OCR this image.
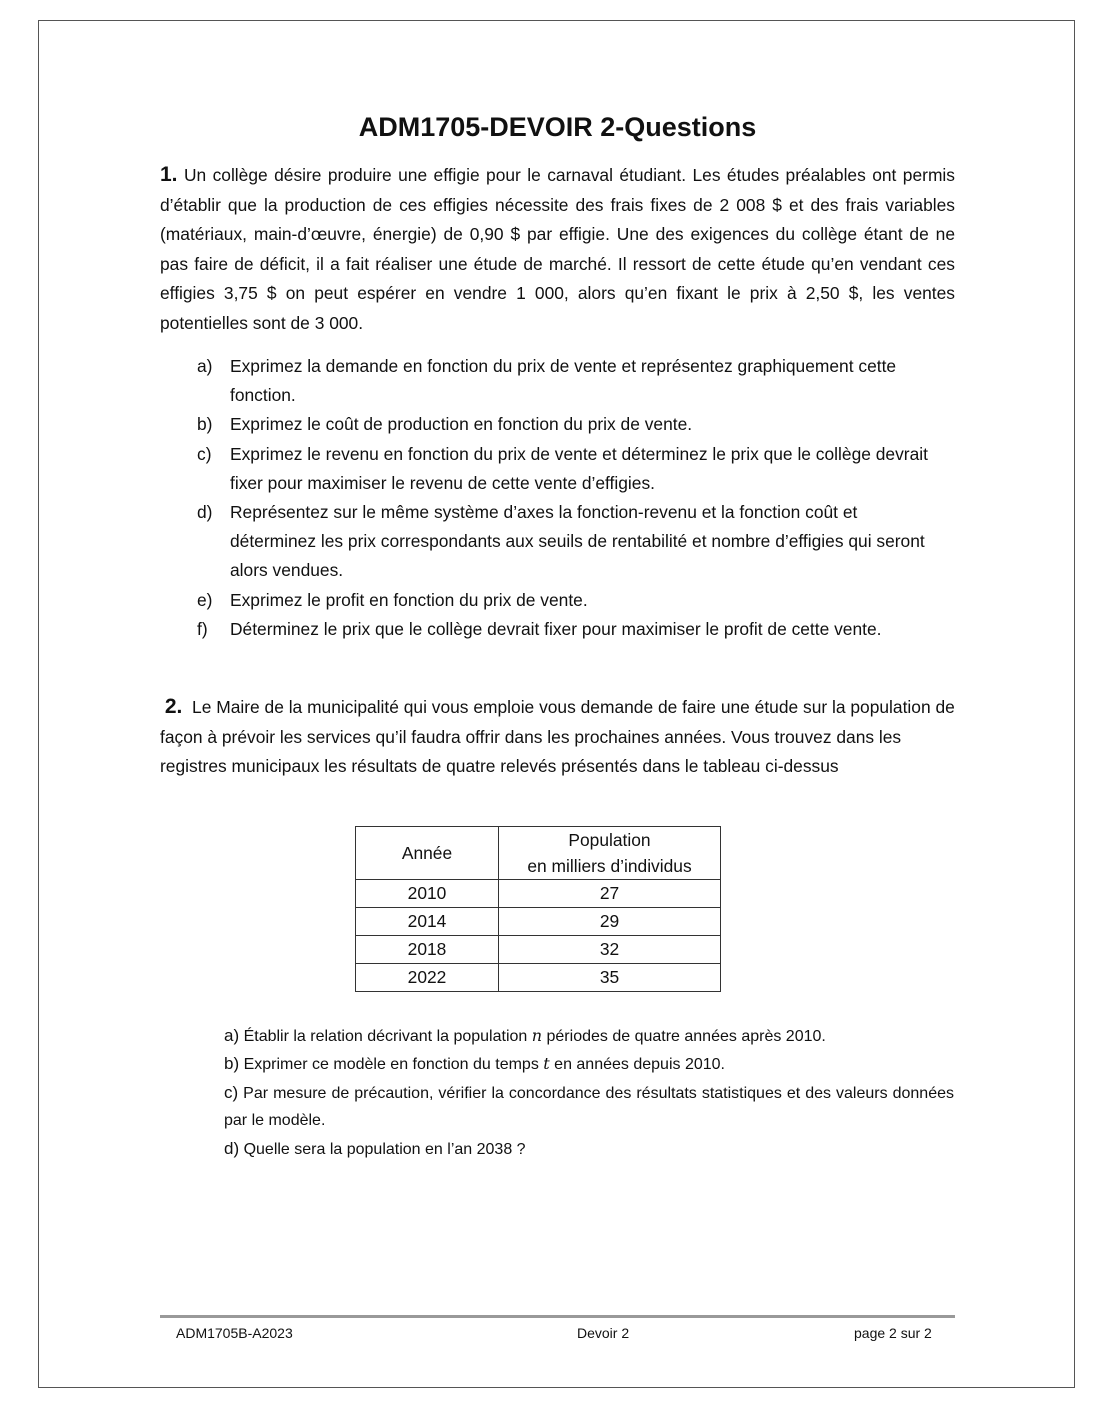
ADM1705-DEVOIR 2-Questions

1. Un collège désire produire une effigie pour le carnaval étudiant. Les études préalables ont permis d’établir que la production de ces effigies nécessite des frais fixes de 2 008 $ et des frais variables (matériaux, main-d’œuvre, énergie) de 0,90 $ par effigie. Une des exigences du collège étant de ne pas faire de déficit, il a fait réaliser une étude de marché. Il ressort de cette étude qu’en vendant ces effigies 3,75 $ on peut espérer en vendre 1 000, alors qu’en fixant le prix à 2,50 $, les ventes potentielles sont de 3 000.

a) Exprimez la demande en fonction du prix de vente et représentez graphiquement cette fonction.
b) Exprimez le coût de production en fonction du prix de vente.
c) Exprimez le revenu en fonction du prix de vente et déterminez le prix que le collège devrait fixer pour maximiser le revenu de cette vente d’effigies.
d) Représentez sur le même système d’axes la fonction-revenu et la fonction coût et déterminez les prix correspondants aux seuils de rentabilité et nombre d’effigies qui seront alors vendues.
e) Exprimez le profit en fonction du prix de vente.
f) Déterminez le prix que le collège devrait fixer pour maximiser le profit de cette vente.

2. Le Maire de la municipalité qui vous emploie vous demande de faire une étude sur la population de façon à prévoir les services qu’il faudra offrir dans les prochaines années. Vous trouvez dans les registres municipaux les résultats de quatre relevés présentés dans le tableau ci-dessus

Année	Population
en milliers d’individus
2010	27
2014	29
2018	32
2022	35
a) Établir la relation décrivant la population n périodes de quatre années après 2010.
b) Exprimer ce modèle en fonction du temps t en années depuis 2010.
c) Par mesure de précaution, vérifier la concordance des résultats statistiques et des valeurs données par le modèle.
d) Quelle sera la population en l’an 2038 ?
ADM1705B-A2023	Devoir 2	page 2 sur 2
